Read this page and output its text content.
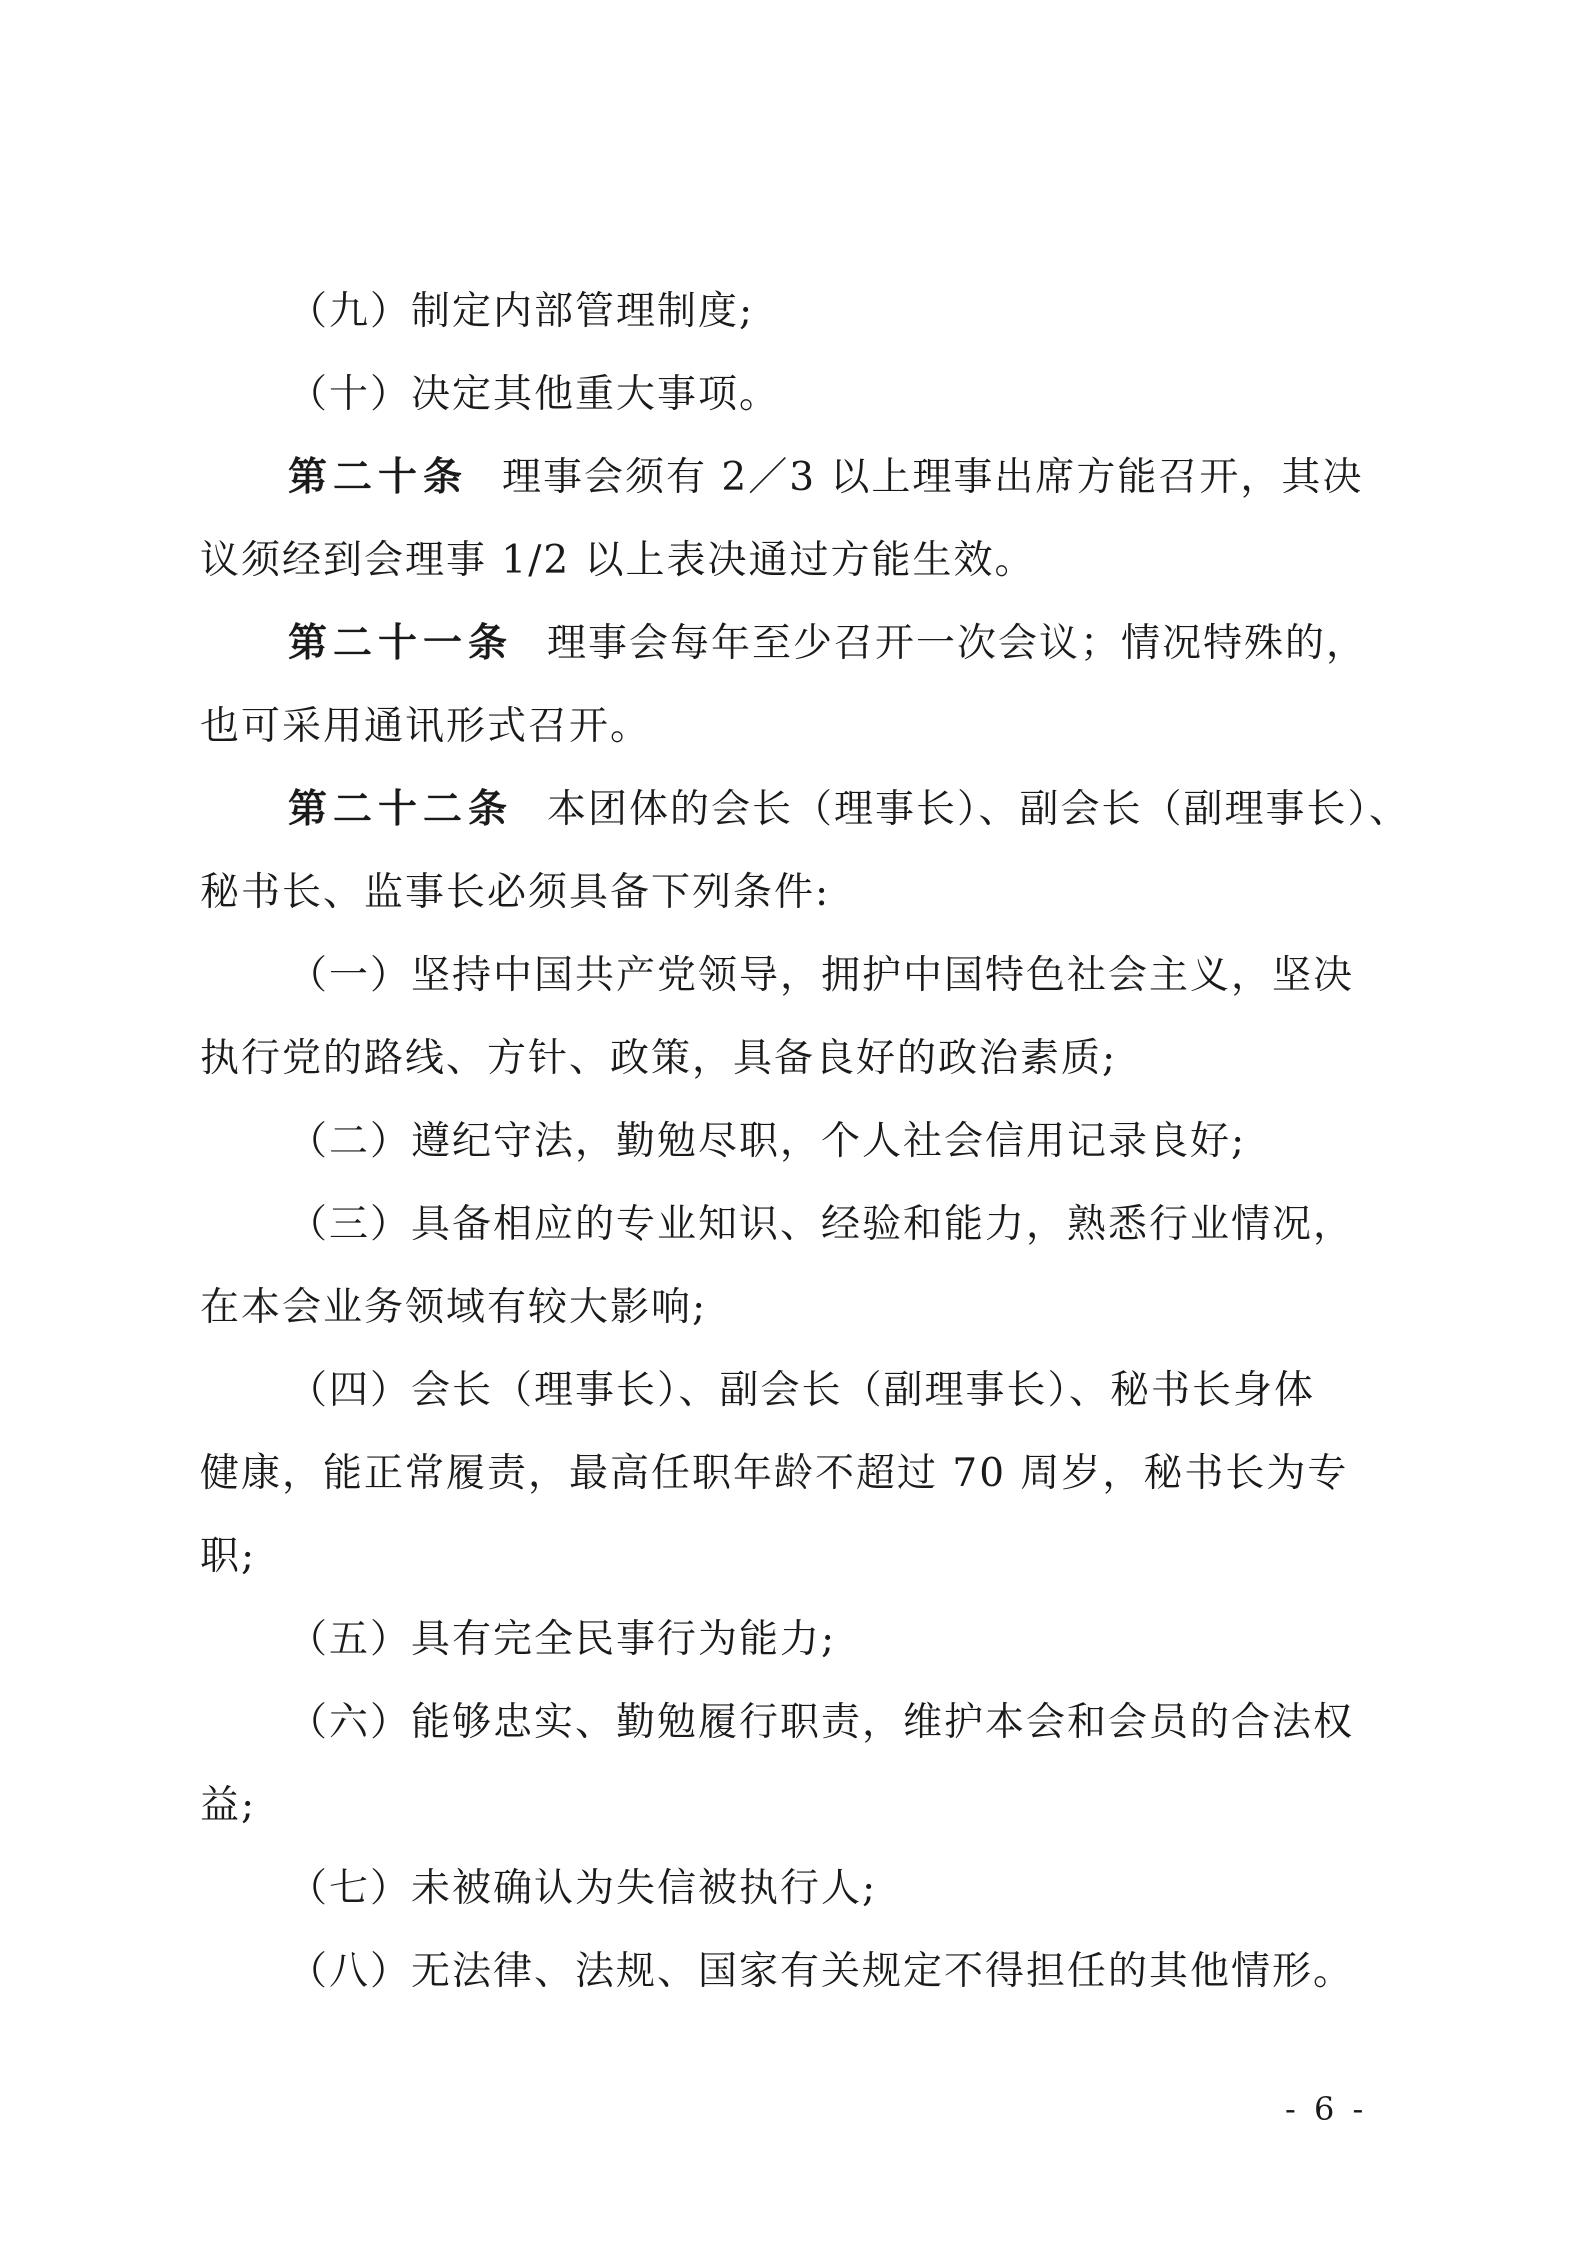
（九）制定内部管理制度;
（十）决定其他重大事项。
第二十条 理事会须有 2／3 以上理事出席方能召开，其决
议须经到会理事 1/2 以上表决通过方能生效。
第二十一条 理事会每年至少召开一次会议；情况特殊的，
也可采用通讯形式召开。
第二十二条 本团体的会长（理事长）、副会长（副理事长）、
秘书长、监事长必须具备下列条件:
（一）坚持中国共产党领导，拥护中国特色社会主义，坚决
执行党的路线、方针、政策，具备良好的政治素质;
（二）遵纪守法，勤勉尽职，个人社会信用记录良好;
（三）具备相应的专业知识、经验和能力，熟悉行业情况，
在本会业务领域有较大影响;
（四）会长（理事长）、副会长（副理事长）、秘书长身体
健康，能正常履责，最高任职年龄不超过 70 周岁，秘书长为专
职;
（五）具有完全民事行为能力;
（六）能够忠实、勤勉履行职责，维护本会和会员的合法权
益;
（七）未被确认为失信被执行人;
（八）无法律、法规、国家有关规定不得担任的其他情形。
- 6 -
